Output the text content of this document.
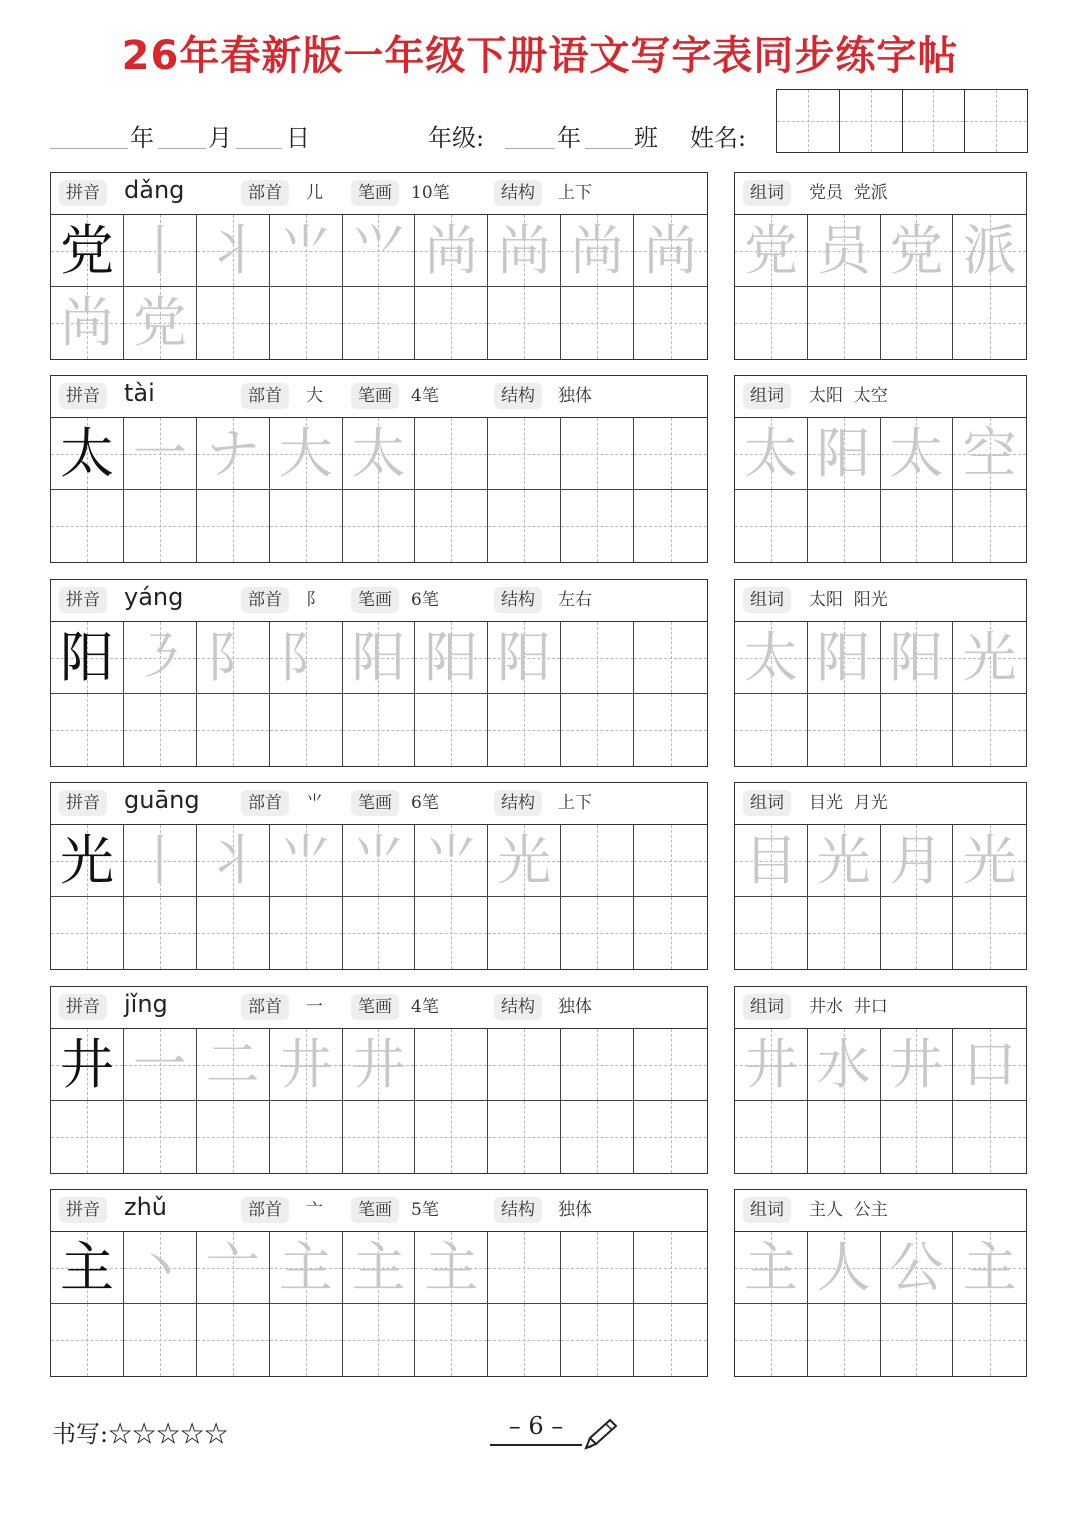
26年春新版一年级下册语文写字表同步练字帖
年 月 日	年级:	年 班 姓名:
拼音 dǎng	部首	儿	笔画	10笔	结构	上下
党 丨 丬 ⺌ ⺍ 尚 尚 尚 尚
尚 党
组词	党员  党派
党 员 党 派
拼音 tài	部首	大	笔画	4笔	结构	独体
太 一 ナ 大 太
组词	太阳  太空
太 阳 太 空
拼音 yáng	部首	阝	笔画	6笔	结构	左右
阳 ㇋ 阝 阝 阳 阳 阳
组词	太阳  阳光
太 阳 阳 光
拼音 guāng	部首	⺌	笔画	6笔	结构	上下
光 丨 丬 ⺌ ⺌ ⺌ 光
组词	目光  月光
目 光 月 光
拼音 jǐng	部首	一	笔画	4笔	结构	独体
井 一 二 井 井
组词	井水  井口
井 水 井 口
拼音 zhǔ	部首	亠	笔画	5笔	结构	独体
主 丶 亠 主 主 主
组词	主人  公主
主 人 公 主
书写:☆☆☆☆☆	– 6 –
